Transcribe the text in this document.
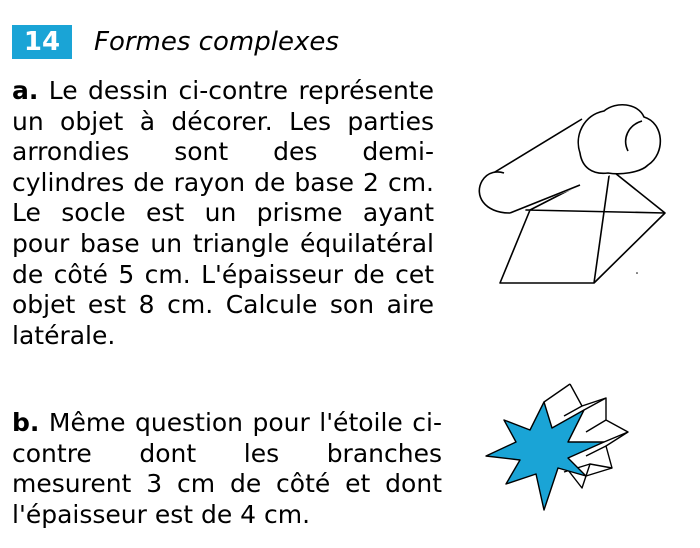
14	Formes complexes
a. Le dessin ci-contre représente un objet à décorer. Les parties arrondies sont des demi-cylindres de rayon de base 2 cm. Le socle est un prisme ayant pour base un triangle équilatéral de côté 5 cm. L'épaisseur de cet objet est 8 cm. Calcule son aire latérale.
b. Même question pour l'étoile ci-contre dont les branches mesurent 3 cm de côté et dont l'épaisseur est de 4 cm.
